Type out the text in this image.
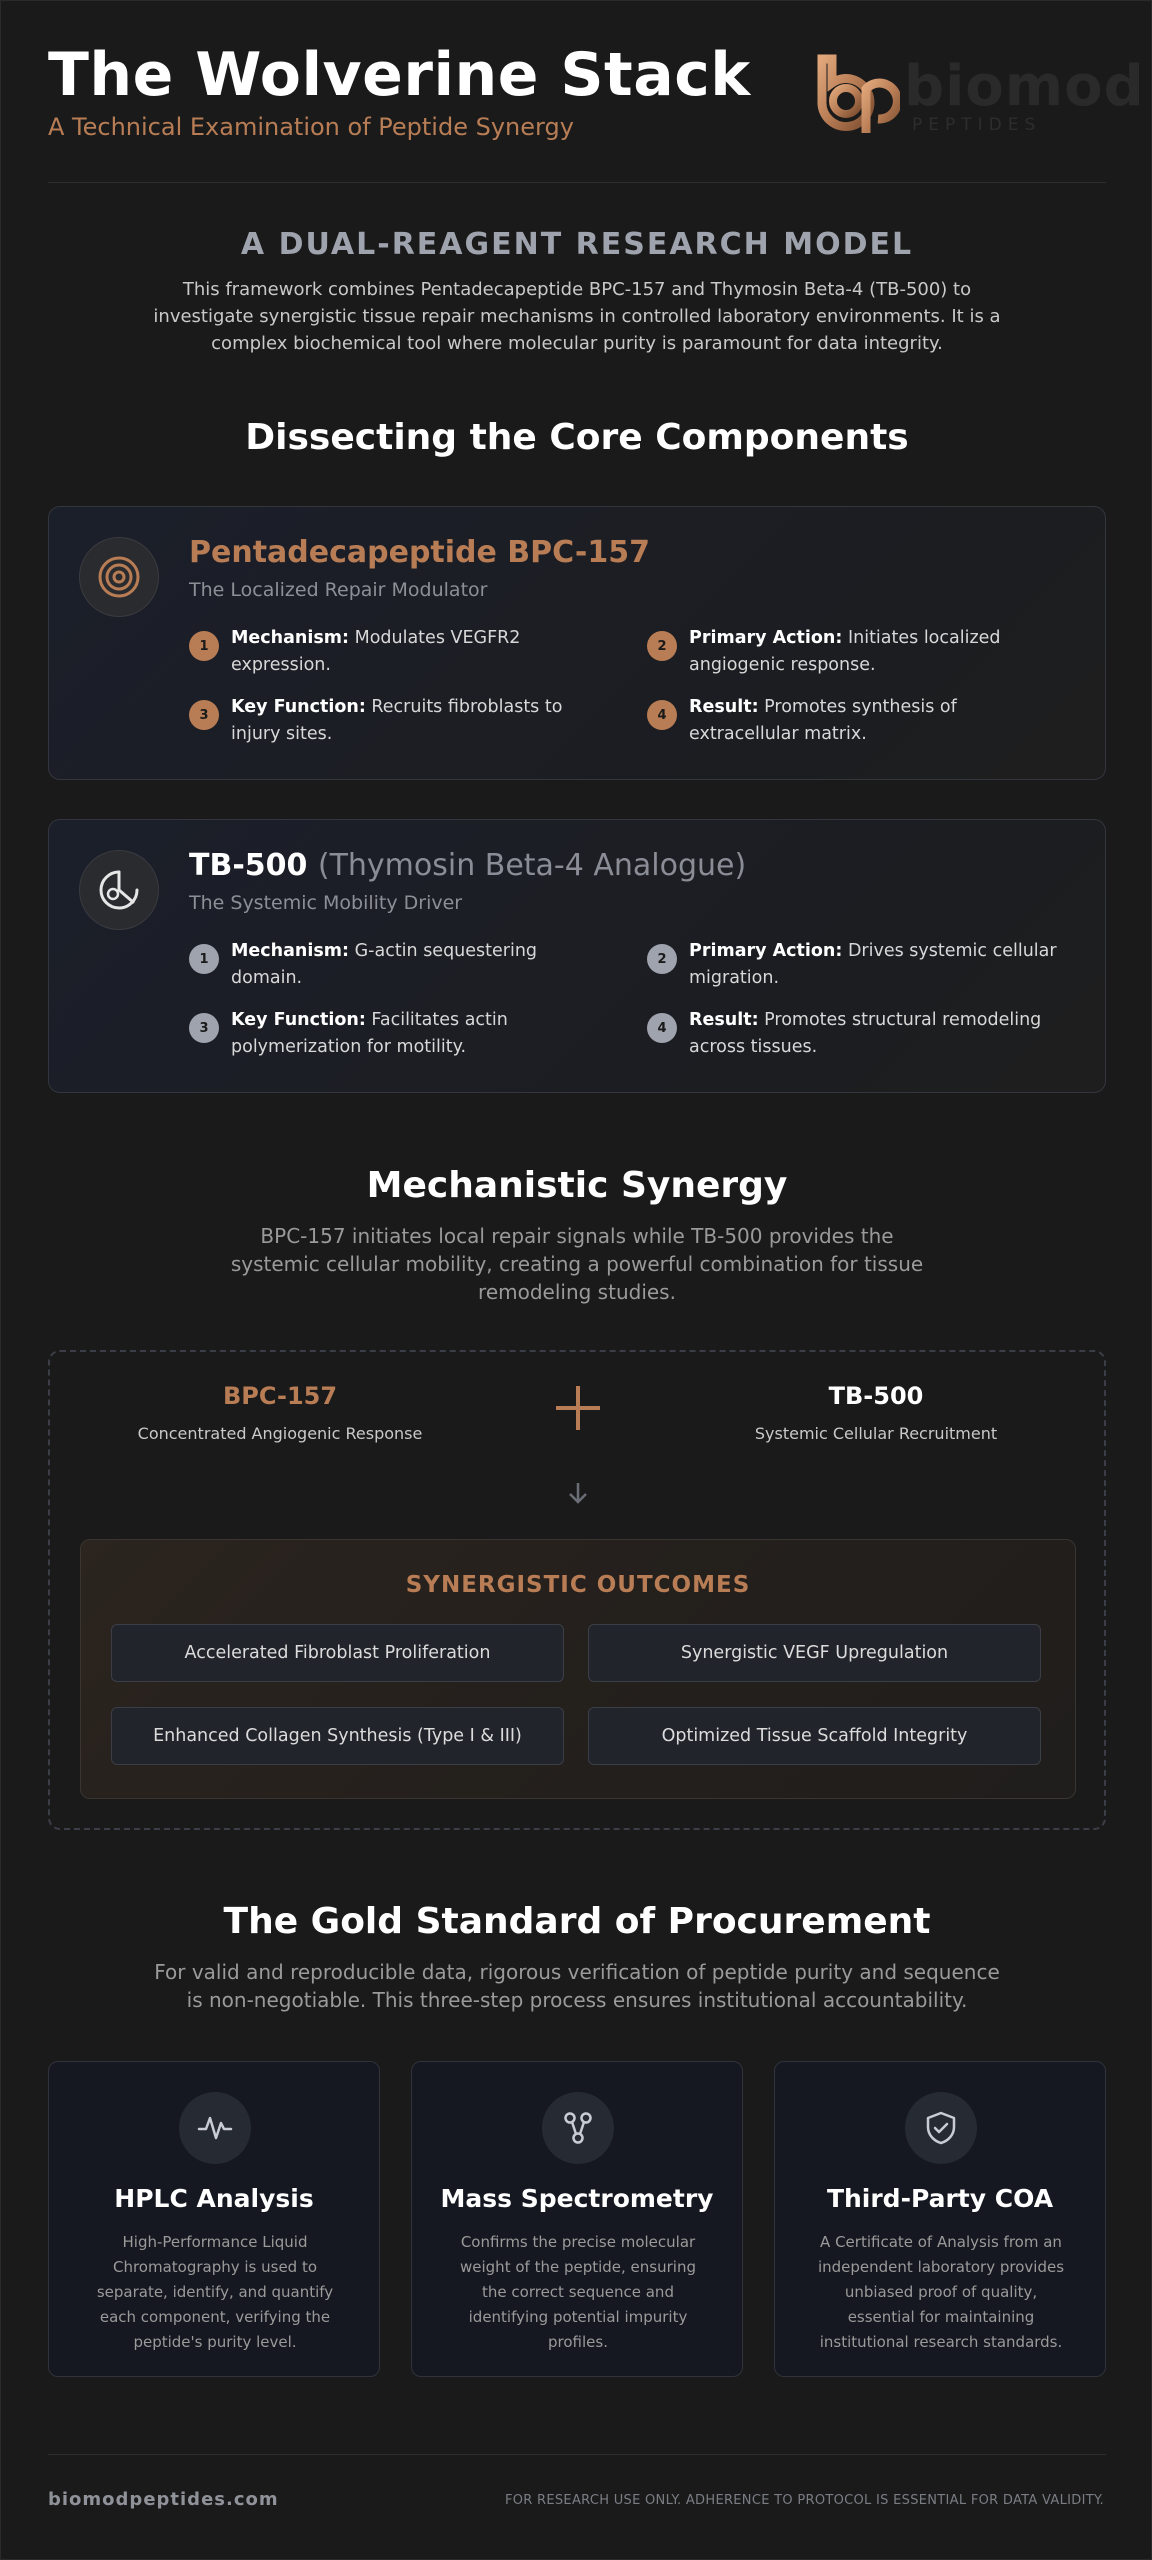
The Wolverine Stack
A Technical Examination of Peptide Synergy
biomod
PEPTIDES
A DUAL-REAGENT RESEARCH MODEL
This framework combines Pentadecapeptide BPC-157 and Thymosin Beta-4 (TB-500) to investigate synergistic tissue repair mechanisms in controlled laboratory environments. It is a complex biochemical tool where molecular purity is paramount for data integrity.
Dissecting the Core Components
Pentadecapeptide BPC-157
The Localized Repair Modulator
1	Mechanism: Modulates VEGFR2 expression.
2	Primary Action: Initiates localized angiogenic response.
3	Key Function: Recruits fibroblasts to injury sites.
4	Result: Promotes synthesis of extracellular matrix.
TB-500 (Thymosin Beta-4 Analogue)
The Systemic Mobility Driver
1	Mechanism: G-actin sequestering domain.
2	Primary Action: Drives systemic cellular migration.
3	Key Function: Facilitates actin polymerization for motility.
4	Result: Promotes structural remodeling across tissues.
Mechanistic Synergy
BPC-157 initiates local repair signals while TB-500 provides the systemic cellular mobility, creating a powerful combination for tissue remodeling studies.
BPC-157
Concentrated Angiogenic Response
TB-500
Systemic Cellular Recruitment
SYNERGISTIC OUTCOMES
Accelerated Fibroblast Proliferation	Synergistic VEGF Upregulation
Enhanced Collagen Synthesis (Type I & III)	Optimized Tissue Scaffold Integrity
The Gold Standard of Procurement
For valid and reproducible data, rigorous verification of peptide purity and sequence is non-negotiable. This three-step process ensures institutional accountability.
HPLC Analysis
High-Performance Liquid Chromatography is used to separate, identify, and quantify each component, verifying the peptide's purity level.
Mass Spectrometry
Confirms the precise molecular weight of the peptide, ensuring the correct sequence and identifying potential impurity profiles.
Third-Party COA
A Certificate of Analysis from an independent laboratory provides unbiased proof of quality, essential for maintaining institutional research standards.
biomodpeptides.com	FOR RESEARCH USE ONLY. ADHERENCE TO PROTOCOL IS ESSENTIAL FOR DATA VALIDITY.
